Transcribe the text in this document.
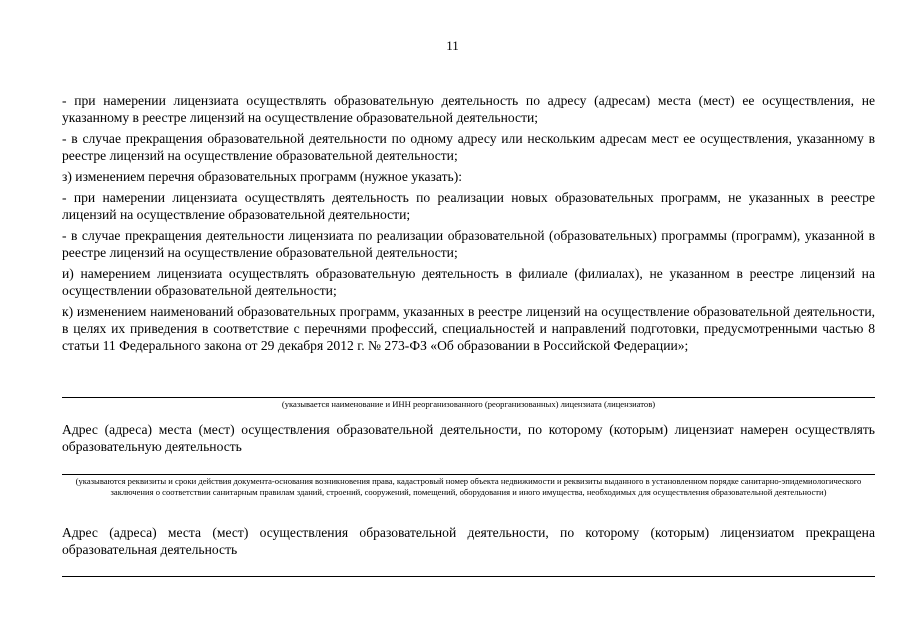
11

- при намерении лицензиата осуществлять образовательную деятельность по адресу (адресам) места (мест) ее осуществления, не указанному в реестре лицензий на осуществление образовательной деятельности;

- в случае прекращения образовательной деятельности по одному адресу или нескольким адресам мест ее осуществления, указанному в реестре лицензий на осуществление образовательной деятельности;

з) изменением перечня образовательных программ (нужное указать):

- при намерении лицензиата осуществлять деятельность по реализации новых образовательных программ, не указанных в реестре лицензий на осуществление образовательной деятельности;

- в случае прекращения деятельности лицензиата по реализации образовательной (образовательных) программы (программ), указанной в реестре лицензий на осуществление образовательной деятельности;

и) намерением лицензиата осуществлять образовательную деятельность в филиале (филиалах), не указанном в реестре лицензий на осуществлении образовательной деятельности;

к) изменением наименований образовательных программ, указанных в реестре лицензий на осуществление образовательной деятельности, в целях их приведения в соответствие с перечнями профессий, специальностей и направлений подготовки, предусмотренными частью 8 статьи 11 Федерального закона от 29 декабря 2012 г. № 273-ФЗ «Об образовании в Российской Федерации»;

(указывается наименование и ИНН реорганизованного (реорганизованных) лицензиата (лицензиатов)
Адрес (адреса) места (мест) осуществления образовательной деятельности, по которому (которым) лицензиат намерен осуществлять образовательную деятельность
(указываются реквизиты и сроки действия документа-основания возникновения права, кадастровый номер объекта недвижимости и реквизиты выданного в установленном порядке санитарно-эпидемиологического заключения о соответствии санитарным правилам зданий, строений, сооружений, помещений, оборудования и иного имущества, необходимых для осуществления образовательной деятельности)
Адрес (адреса) места (мест) осуществления образовательной деятельности, по которому (которым) лицензиатом прекращена образовательная деятельность
